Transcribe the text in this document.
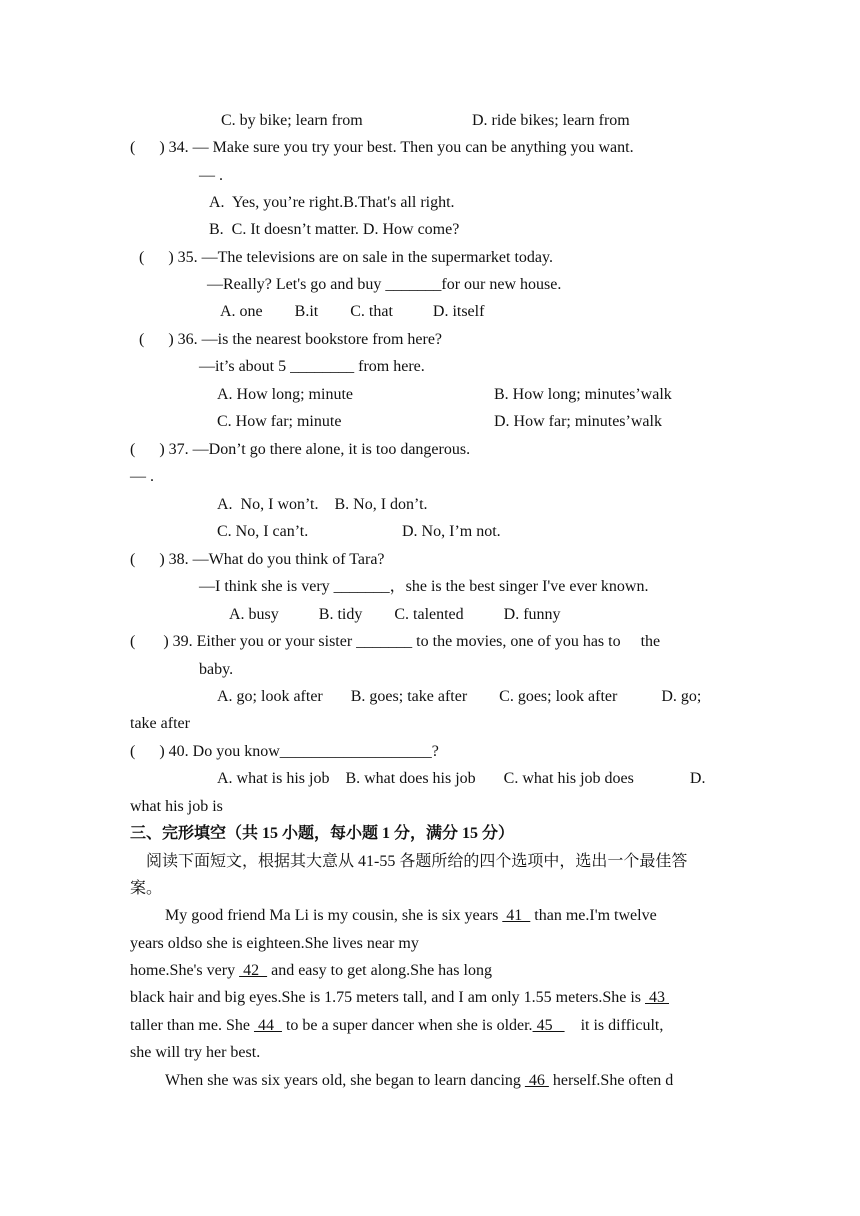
C. by bike; learn from	D. ride bikes; learn from
(      ) 34. — Make sure you try your best. Then you can be anything you want.
— .
A.  Yes, you’re right.B.That's all right.
B.  C. It doesn’t matter. D. How come?
(      ) 35. —The televisions are on sale in the supermarket today.
—Really? Let's go and buy _______for our new house.
A. one        B.it        C. that          D. itself
(      ) 36. —is the nearest bookstore from here?
—it’s about 5 ________ from here.
A. How long; minute	B. How long; minutes’walk
C. How far; minute	D. How far; minutes’walk
(      ) 37. —Don’t go there alone, it is too dangerous.
— .
A.  No, I won’t.    B. No, I don’t.
C. No, I can’t.	D. No, I’m not.
(      ) 38. —What do you think of Tara?
—I think she is very _______，she is the best singer I've ever known.
A. busy          B. tidy        C. talented          D. funny
(       ) 39. Either you or your sister _______ to the movies, one of you has to     the
baby.
A. go; look after       B. goes; take after        C. goes; look after           D. go;
take after
(      ) 40. Do you know___________________?
A. what is his job    B. what does his job       C. what his job does              D.
what his job is
三、完形填空（共 15 小题，每小题 1 分，满分 15 分）
阅读下面短文，根据其大意从 41-55 各题所给的四个选项中，选出一个最佳答
案。
My good friend Ma Li is my cousin, she is six years  41   than me.I'm twelve
years oldso she is eighteen.She lives near my
home.She's very  42   and easy to get along.She has long
black hair and big eyes.She is 1.75 meters tall, and I am only 1.55 meters.She is  43
taller than me. She  44   to be a super dancer when she is older. 45       it is difficult,
she will try her best.
When she was six years old, she began to learn dancing  46  herself.She often d
